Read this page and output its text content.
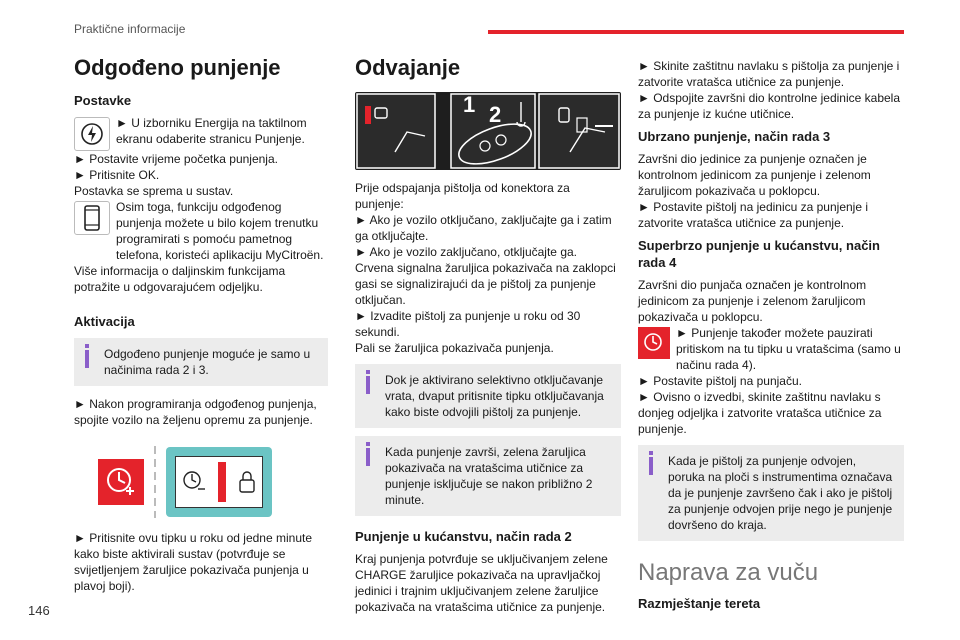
Praktične informacije
Odgođeno punjenje
Postavke

► U izborniku Energija na taktilnom ekranu odaberite stranicu Punjenje.

► Postavite vrijeme početka punjenja.

► Pritisnite OK.

Postavka se sprema u sustav.

Osim toga, funkciju odgođenog punjenja možete u bilo kojem trenutku programirati s pomoću pametnog telefona, koristeći aplikaciju MyCitroën.

Više informacija o daljinskim funkcijama potražite u odgovarajućem odjeljku.

Aktivacija

Odgođeno punjenje moguće je samo u načinima rada 2 i 3.

► Nakon programiranja odgođenog punjenja, spojite vozilo na željenu opremu za punjenje.

► Pritisnite ovu tipku u roku od jedne minute kako biste aktivirali sustav (potvrđuje se svijetljenjem žaruljice pokazivača punjenja u plavoj boji).

Odvajanje
1 2

Prije odspajanja pištolja od konektora za punjenje:

► Ako je vozilo otključano, zaključajte ga i zatim ga otključajte.

► Ako je vozilo zaključano, otključajte ga.

Crvena signalna žaruljica pokazivača na zaklopci gasi se signalizirajući da je pištolj za punjenje otključan.

► Izvadite pištolj za punjenje u roku od 30 sekundi.

Pali se žaruljica pokazivača punjenja.

Dok je aktivirano selektivno otključavanje vrata, dvaput pritisnite tipku otključavanja kako biste odvojili pištolj za punjenje.

Kada punjenje završi, zelena žaruljica pokazivača na vratašcima utičnice za punjenje isključuje se nakon približno 2 minute.

Punjenje u kućanstvu, način rada 2

Kraj punjenja potvrđuje se uključivanjem zelene CHARGE žaruljice pokazivača na upravljačkoj jedinici i trajnim uključivanjem zelene žaruljice pokazivača na vratašcima utičnice za punjenje.

► Skinite zaštitnu navlaku s pištolja za punjenje i zatvorite vratašca utičnice za punjenje.

► Odspojite završni dio kontrolne jedinice kabela za punjenje iz kućne utičnice.

Ubrzano punjenje, način rada 3

Završni dio jedinice za punjenje označen je kontrolnom jedinicom za punjenje i zelenom žaruljicom pokazivača u poklopcu.

► Postavite pištolj na jedinicu za punjenje i zatvorite vratašca utičnice za punjenje.

Superbrzo punjenje u kućanstvu, način rada 4

Završni dio punjača označen je kontrolnom jedinicom za punjenje i zelenom žaruljicom pokazivača u poklopcu.

► Punjenje također možete pauzirati pritiskom na tu tipku u vratašcima (samo u načinu rada 4).

► Postavite pištolj na punjaču.

► Ovisno o izvedbi, skinite zaštitnu navlaku s donjeg odjeljka i zatvorite vratašca utičnice za punjenje.

Kada je pištolj za punjenje odvojen, poruka na ploči s instrumentima označava da je punjenje završeno čak i ako je pištolj za punjenje odvojen prije nego je punjenje dovršeno do kraja.

Naprava za vuču
Razmještanje tereta
146
